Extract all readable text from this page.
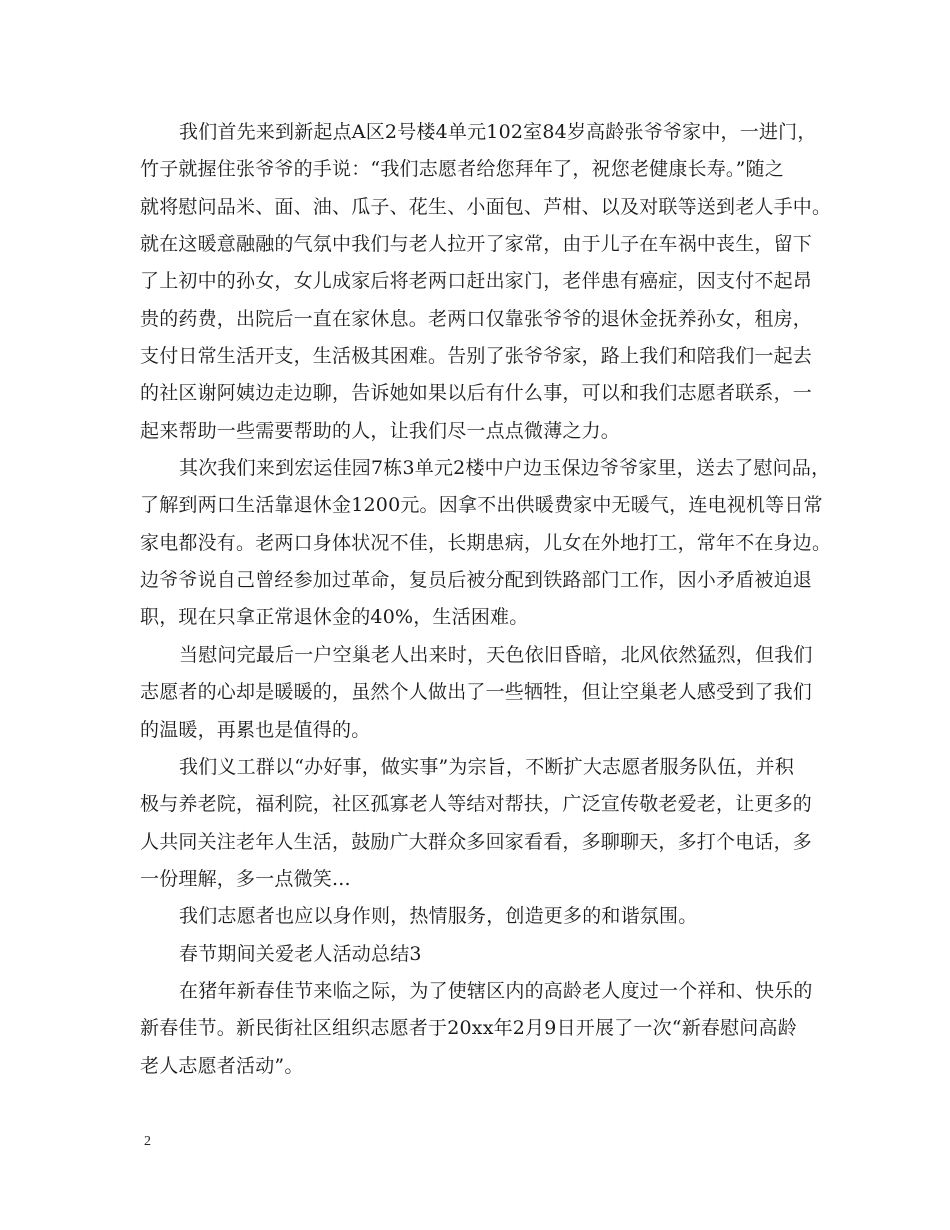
我们首先来到新起点A区2号楼4单元102室84岁高龄张爷爷家中，一进门，
竹子就握住张爷爷的手说：“我们志愿者给您拜年了，祝您老健康长寿。”随之
就将慰问品米、面、油、瓜子、花生、小面包、芦柑、以及对联等送到老人手中。
就在这暖意融融的气氛中我们与老人拉开了家常，由于儿子在车祸中丧生，留下
了上初中的孙女，女儿成家后将老两口赶出家门，老伴患有癌症，因支付不起昂
贵的药费，出院后一直在家休息。老两口仅靠张爷爷的退休金抚养孙女，租房，
支付日常生活开支，生活极其困难。告别了张爷爷家，路上我们和陪我们一起去
的社区谢阿姨边走边聊，告诉她如果以后有什么事，可以和我们志愿者联系，一
起来帮助一些需要帮助的人，让我们尽一点点微薄之力。
其次我们来到宏运佳园7栋3单元2楼中户边玉保边爷爷家里，送去了慰问品，
了解到两口生活靠退休金1200元。因拿不出供暖费家中无暖气，连电视机等日常
家电都没有。老两口身体状况不佳，长期患病，儿女在外地打工，常年不在身边。
边爷爷说自己曾经参加过革命，复员后被分配到铁路部门工作，因小矛盾被迫退
职，现在只拿正常退休金的40%，生活困难。
当慰问完最后一户空巢老人出来时，天色依旧昏暗，北风依然猛烈，但我们
志愿者的心却是暖暖的，虽然个人做出了一些牺牲，但让空巢老人感受到了我们
的温暖，再累也是值得的。
我们义工群以“办好事，做实事”为宗旨，不断扩大志愿者服务队伍，并积
极与养老院，福利院，社区孤寡老人等结对帮扶，广泛宣传敬老爱老，让更多的
人共同关注老年人生活，鼓励广大群众多回家看看，多聊聊天，多打个电话，多
一份理解，多一点微笑...
我们志愿者也应以身作则，热情服务，创造更多的和谐氛围。
春节期间关爱老人活动总结3
在猪年新春佳节来临之际，为了使辖区内的高龄老人度过一个祥和、快乐的
新春佳节。新民街社区组织志愿者于20xx年2月9日开展了一次“新春慰问高龄
老人志愿者活动”。
2
